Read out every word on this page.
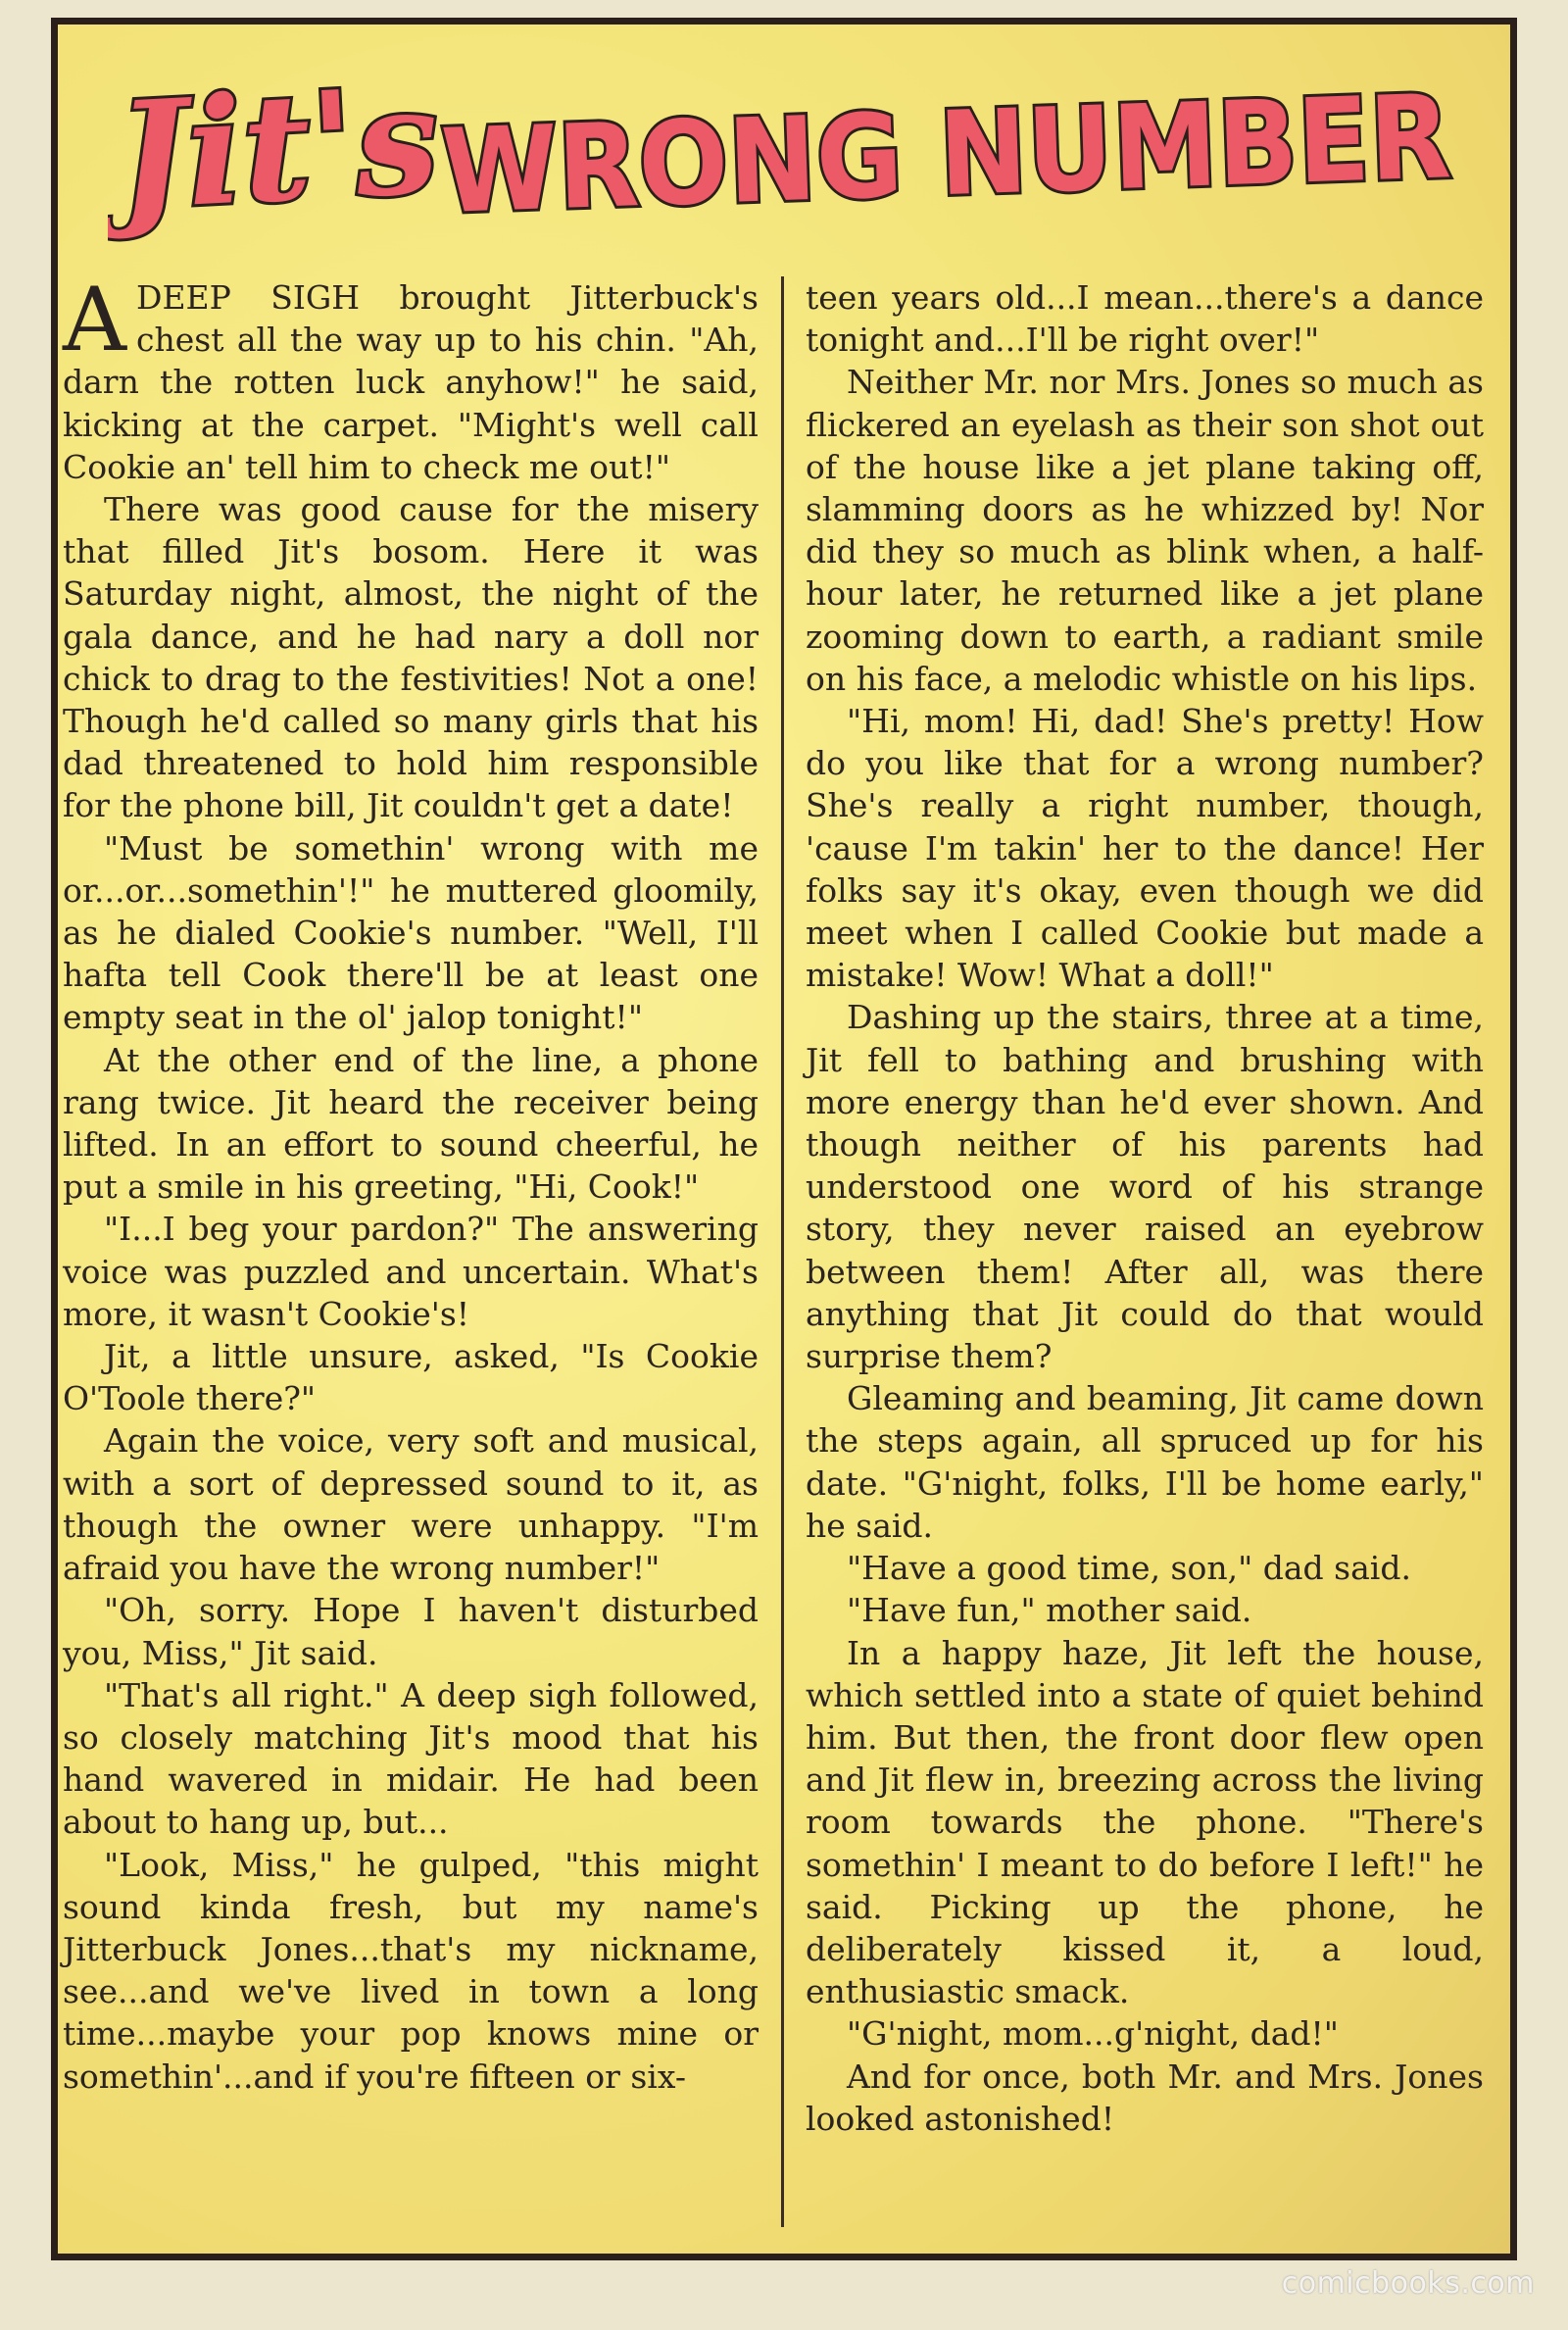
Jit's
WRONG NUMBER

ADEEP SIGH brought Jitterbuck's chest all the way up to his chin. "Ah, darn the rotten luck anyhow!" he said, kicking at the carpet. "Might's well call Cookie an' tell him to check me out!"

There was good cause for the misery that filled Jit's bosom. Here it was Saturday night, almost, the night of the gala dance, and he had nary a doll nor chick to drag to the festivities! Not a one! Though he'd called so many girls that his dad threatened to hold him responsible for the phone bill, Jit couldn't get a date!

"Must be somethin' wrong with me or...or...somethin'!" he muttered gloomily, as he dialed Cookie's number. "Well, I'll hafta tell Cook there'll be at least one empty seat in the ol' jalop tonight!"

At the other end of the line, a phone rang twice. Jit heard the receiver being lifted. In an effort to sound cheerful, he put a smile in his greeting, "Hi, Cook!"

"I...I beg your pardon?" The answering voice was puzzled and uncertain. What's more, it wasn't Cookie's!

Jit, a little unsure, asked, "Is Cookie O'Toole there?"

Again the voice, very soft and musical, with a sort of depressed sound to it, as though the owner were unhappy. "I'm afraid you have the wrong number!"

"Oh, sorry. Hope I haven't disturbed you, Miss," Jit said.

"That's all right." A deep sigh followed, so closely matching Jit's mood that his hand wavered in midair. He had been about to hang up, but...

"Look, Miss," he gulped, "this might sound kinda fresh, but my name's Jitterbuck Jones...that's my nickname, see...and we've lived in town a long time...maybe your pop knows mine or somethin'...and if you're fifteen or six-

teen years old...I mean...there's a dance tonight and...I'll be right over!"

Neither Mr. nor Mrs. Jones so much as flickered an eyelash as their son shot out of the house like a jet plane taking off, slamming doors as he whizzed by! Nor did they so much as blink when, a half-hour later, he returned like a jet plane zooming down to earth, a radiant smile on his face, a melodic whistle on his lips.

"Hi, mom! Hi, dad! She's pretty! How do you like that for a wrong number? She's really a right number, though, 'cause I'm takin' her to the dance! Her folks say it's okay, even though we did meet when I called Cookie but made a mistake! Wow! What a doll!"

Dashing up the stairs, three at a time, Jit fell to bathing and brushing with more energy than he'd ever shown. And though neither of his parents had understood one word of his strange story, they never raised an eyebrow between them! After all, was there anything that Jit could do that would surprise them?

Gleaming and beaming, Jit came down the steps again, all spruced up for his date. "G'night, folks, I'll be home early," he said.

"Have a good time, son," dad said.

"Have fun," mother said.

In a happy haze, Jit left the house, which settled into a state of quiet behind him. But then, the front door flew open and Jit flew in, breezing across the living room towards the phone. "There's somethin' I meant to do before I left!" he said. Picking up the phone, he deliberately kissed it, a loud, enthusiastic smack.

"G'night, mom...g'night, dad!"

And for once, both Mr. and Mrs. Jones looked astonished!

comicbooks.com
